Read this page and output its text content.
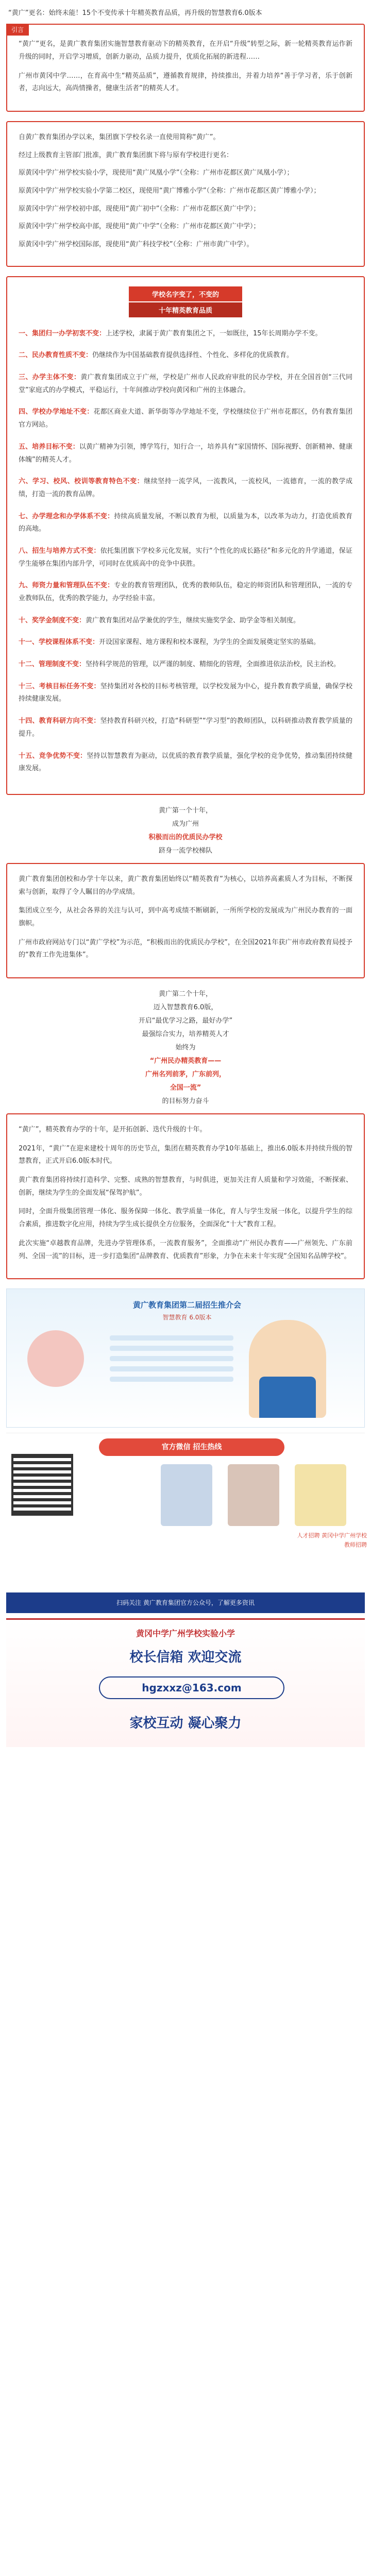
“黄广”更名：始终未能！15个不变传承十年精英教育品质，再升级的智慧教育6.0版本
引言

“黄广”更名，是黄广教育集团实施智慧教育驱动下的精英教育，在开启“升级”转型之际，新一轮精英教育运作新升级的同时，开启学习增质，创新力驱动，品质力提升，优质化拓展的新进程……

广州市黄冈中学……，在育高中生“精英品质”，遵循教育规律，持续推出，并着力培养“善于学习者，乐于创新者，志向远大，高尚情操者，健康生活者”的精英人才。

自黄广教育集团办学以来，集团旗下学校名录一直使用简称“黄广”。

经过上级教育主管部门批准，黄广教育集团旗下将与原有学校进行更名：

原黄冈中学广州学校实验小学，现使用“黄广凤凰小学”（全称：广州市花都区黄广凤凰小学）；

原黄冈中学广州学校实验小学第二校区，现使用“黄广博雅小学”（全称：广州市花都区黄广博雅小学）；

原黄冈中学广州学校初中部，现使用“黄广初中”（全称：广州市花都区黄广中学）；

原黄冈中学广州学校高中部，现使用“黄广中学”（全称：广州市花都区黄广中学）；

原黄冈中学广州学校国际部，现使用“黄广科技学校”（全称：广州市黄广中学）。

学校名字变了，不变的
十年精英教育品质

一、集团归一办学初衷不变：上述学校，隶属于黄广教育集团之下，一如既往，15年长周期办学不变。

二、民办教育性质不变：仍继续作为中国基础教育提供选择性、个性化、多样化的优质教育。

三、办学主体不变：黄广教育集团成立于广州，学校是广州市人民政府审批的民办学校，并在全国首创“三代同堂”家庭式的办学模式，平稳运行，十年间推动学校向黄冈和广州的主体融合。

四、学校办学地址不变：花都区商业大道、新华街等办学地址不变，学校继续位于广州市花都区，仍有教育集团官方网站。

五、培养目标不变：以黄广精神为引领，博学笃行，知行合一，培养具有“家国情怀、国际视野、创新精神、健康体魄”的精英人才。

六、学习、校风、校训等教育特色不变：继续坚持一流学风，一流教风，一流校风，一流德育，一流的教学成绩，打造一流的教育品牌。

七、办学理念和办学体系不变：持续高质量发展，不断以教育为根，以质量为本，以改革为动力，打造优质教育的高地。

八、招生与培养方式不变：依托集团旗下学校多元化发展，实行“个性化的成长路径”和多元化的升学通道，保证学生能够在集团内部升学，可同时在优质高中的竞争中获胜。

九、师资力量和管理队伍不变：专业的教育管理团队，优秀的教师队伍，稳定的师资团队和管理团队，一流的专业教师队伍，优秀的教学能力，办学经验丰富。

十、奖学金制度不变：黄广教育集团对品学兼优的学生，继续实施奖学金、助学金等相关制度。

十一、学校课程体系不变：开设国家课程、地方课程和校本课程，为学生的全面发展奠定坚实的基础。

十二、管理制度不变：坚持科学规范的管理，以严谨的制度、精细化的管理，全面推进依法治校，民主治校。

十三、考核目标任务不变：坚持集团对各校的目标考核管理，以学校发展为中心，提升教育教学质量，确保学校持续健康发展。

十四、教育科研方向不变：坚持教育科研兴校，打造“科研型”“学习型”的教师团队，以科研推动教育教学质量的提升。

十五、竞争优势不变：坚持以智慧教育为驱动，以优质的教育教学质量，强化学校的竞争优势，推动集团持续健康发展。

黄广第一个十年，
成为广州
积极而出的优质民办学校
跻身一流学校梯队

黄广教育集团创校和办学十年以来，黄广教育集团始终以“精英教育”为核心，以培养高素质人才为目标，不断探索与创新，取得了令人瞩目的办学成绩。

集团成立至今，从社会各界的关注与认可，到中高考成绩不断刷新，一所所学校的发展成为广州民办教育的一面旗帜。

广州市政府网站专门以“黄广学校”为示范，“积极而出的优质民办学校”，在全国2021年获广州市政府教育局授予的“教育工作先进集体”。

黄广第二个十年，
迈入智慧教育6.0版，
开启“最优学习之路，最好办学”
最强综合实力，培养精英人才
始终为
“广州民办精英教育——
广州名列前茅，广东前列，
全国一流”
的目标努力奋斗

“黄广”，精英教育办学的十年，是开拓创新、迭代升级的十年。

2021年，“黄广”在迎来建校十周年的历史节点，集团在精英教育办学10年基础上，推出6.0版本并持续升级的智慧教育，正式开启6.0版本时代。

黄广教育集团将持续打造科学、完整、成熟的智慧教育，与时俱进，更加关注育人质量和学习效能，不断探索、创新，继续为学生的全面发展“保驾护航”。

同时，全面升级集团管理一体化、服务保障一体化、教学质量一体化，育人与学生发展一体化，以提升学生的综合素质，推进数字化应用，持续为学生成长提供全方位服务，全面深化“十大”教育工程。

此次实施“卓越教育品牌，先进办学管理体系，一流教育服务”，全面推动“广州民办教育——广州领先、广东前列、全国一流”的目标，进一步打造集团“品牌教育、优质教育”形象，力争在未来十年实现“全国知名品牌学校”。

黄广教育集团第二届招生推介会
智慧教育 6.0版本
官方微信 招生热线
人才招聘 黄冈中学广州学校 教师招聘
扫码关注 黄广教育集团官方公众号，了解更多资讯
黄冈中学广州学校实验小学
校长信箱 欢迎交流
hgzxxz@163.com
家校互动 凝心聚力
